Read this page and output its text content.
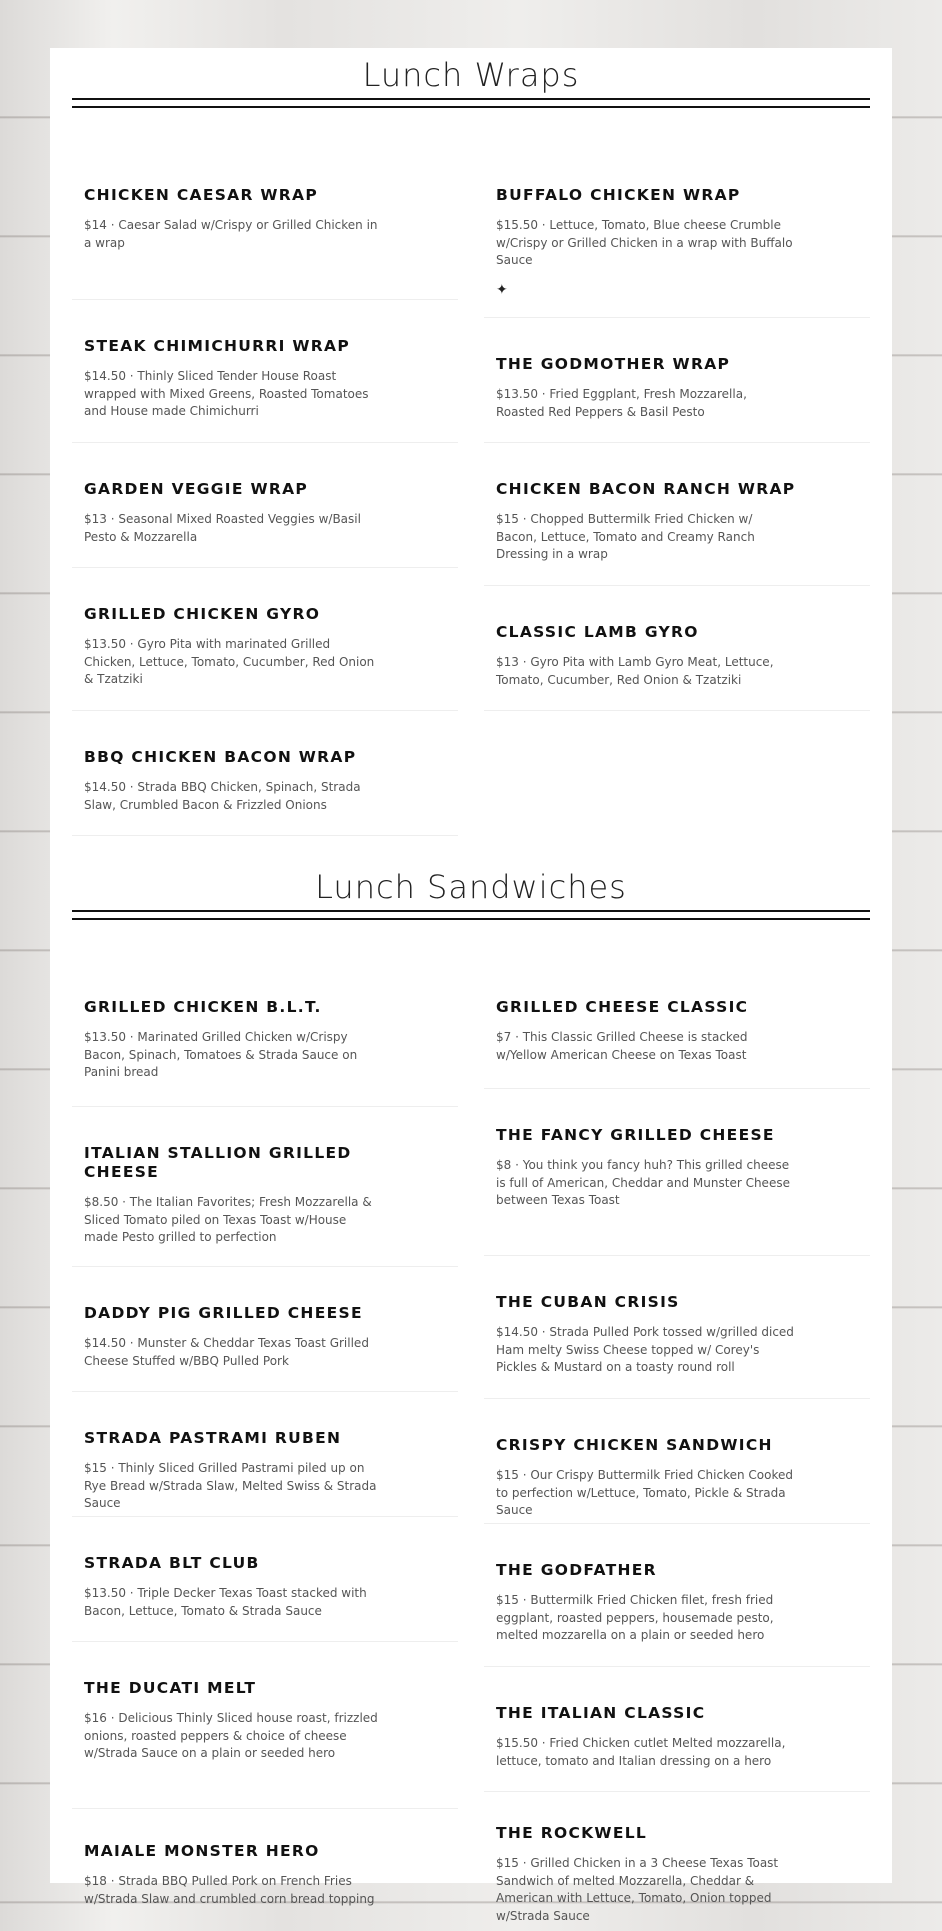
Lunch Wraps
CHICKEN CAESAR WRAP

$14 · Caesar Salad w/Crispy or Grilled Chicken in a wrap

BUFFALO CHICKEN WRAP

$15.50 · Lettuce, Tomato, Blue cheese Crumble w/Crispy or Grilled Chicken in a wrap with Buffalo Sauce

✦
STEAK CHIMICHURRI WRAP

$14.50 · Thinly Sliced Tender House Roast wrapped with Mixed Greens, Roasted Tomatoes and House made Chimichurri

THE GODMOTHER WRAP

$13.50 · Fried Eggplant, Fresh Mozzarella, Roasted Red Peppers & Basil Pesto

GARDEN VEGGIE WRAP

$13 · Seasonal Mixed Roasted Veggies w/Basil Pesto & Mozzarella

CHICKEN BACON RANCH WRAP

$15 · Chopped Buttermilk Fried Chicken w/ Bacon, Lettuce, Tomato and Creamy Ranch Dressing in a wrap

GRILLED CHICKEN GYRO

$13.50 · Gyro Pita with marinated Grilled Chicken, Lettuce, Tomato, Cucumber, Red Onion & Tzatziki

CLASSIC LAMB GYRO

$13 · Gyro Pita with Lamb Gyro Meat, Lettuce, Tomato, Cucumber, Red Onion & Tzatziki

BBQ CHICKEN BACON WRAP

$14.50 · Strada BBQ Chicken, Spinach, Strada Slaw, Crumbled Bacon & Frizzled Onions

Lunch Sandwiches
GRILLED CHICKEN B.L.T.

$13.50 · Marinated Grilled Chicken w/Crispy Bacon, Spinach, Tomatoes & Strada Sauce on Panini bread

GRILLED CHEESE CLASSIC

$7 · This Classic Grilled Cheese is stacked w/Yellow American Cheese on Texas Toast

ITALIAN STALLION GRILLED CHEESE

$8.50 · The Italian Favorites; Fresh Mozzarella & Sliced Tomato piled on Texas Toast w/House made Pesto grilled to perfection

THE FANCY GRILLED CHEESE

$8 · You think you fancy huh? This grilled cheese is full of American, Cheddar and Munster Cheese between Texas Toast

DADDY PIG GRILLED CHEESE

$14.50 · Munster & Cheddar Texas Toast Grilled Cheese Stuffed w/BBQ Pulled Pork

THE CUBAN CRISIS

$14.50 · Strada Pulled Pork tossed w/grilled diced Ham melty Swiss Cheese topped w/ Corey's Pickles & Mustard on a toasty round roll

STRADA PASTRAMI RUBEN

$15 · Thinly Sliced Grilled Pastrami piled up on Rye Bread w/Strada Slaw, Melted Swiss & Strada Sauce

CRISPY CHICKEN SANDWICH

$15 · Our Crispy Buttermilk Fried Chicken Cooked to perfection w/Lettuce, Tomato, Pickle & Strada Sauce

STRADA BLT CLUB

$13.50 · Triple Decker Texas Toast stacked with Bacon, Lettuce, Tomato & Strada Sauce

THE GODFATHER

$15 · Buttermilk Fried Chicken filet, fresh fried eggplant, roasted peppers, housemade pesto, melted mozzarella on a plain or seeded hero

THE DUCATI MELT

$16 · Delicious Thinly Sliced house roast, frizzled onions, roasted peppers & choice of cheese w/Strada Sauce on a plain or seeded hero

THE ITALIAN CLASSIC

$15.50 · Fried Chicken cutlet Melted mozzarella, lettuce, tomato and Italian dressing on a hero

MAIALE MONSTER HERO

$18 · Strada BBQ Pulled Pork on French Fries w/Strada Slaw and crumbled corn bread topping

THE ROCKWELL

$15 · Grilled Chicken in a 3 Cheese Texas Toast Sandwich of melted Mozzarella, Cheddar & American with Lettuce, Tomato, Onion topped w/Strada Sauce
